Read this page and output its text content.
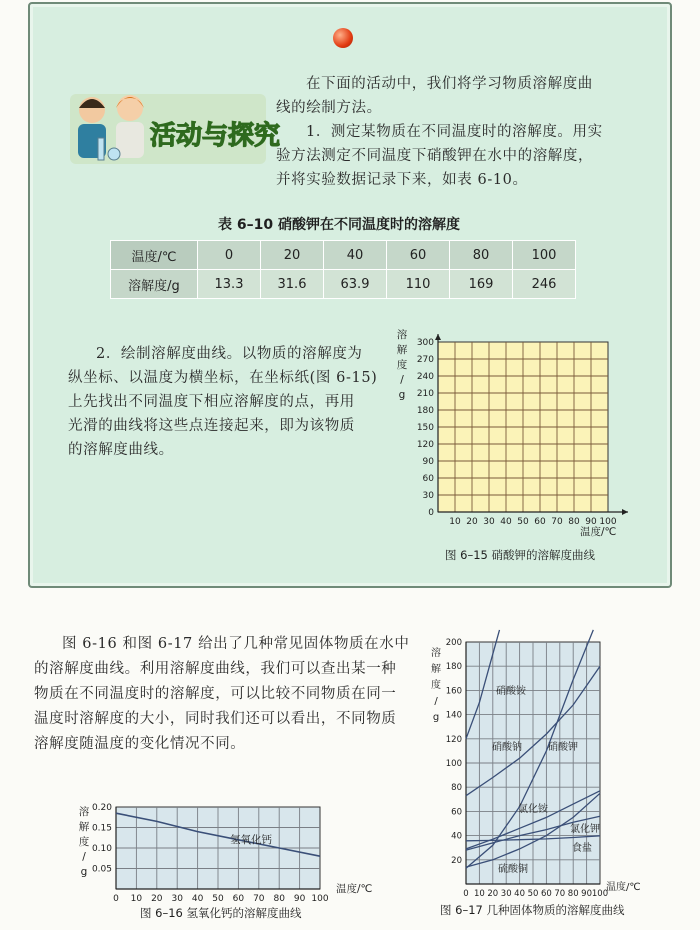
活动与探究
在下面的活动中，我们将学习物质溶解度曲
线的绘制方法。
1．测定某物质在不同温度时的溶解度。用实
验方法测定不同温度下硝酸钾在水中的溶解度，
并将实验数据记录下来，如表 6-10。
表 6–10 硝酸钾在不同温度时的溶解度
温度/℃	0	20	40	60	80	100
溶解度/g	13.3	31.6	63.9	110	169	246
2．绘制溶解度曲线。以物质的溶解度为
纵坐标、以温度为横坐标，在坐标纸(图 6-15)
上先找出不同温度下相应溶解度的点，再用
光滑的曲线将这些点连接起来，即为该物质
的溶解度曲线。
10 20 30 40 50 60 70 80 90 100
0
30
60
90
120
150
180
210
240
270
300
温度/℃
溶
解
度
/
g
图 6–15 硝酸钾的溶解度曲线
图 6-16 和图 6-17 给出了几种常见固体物质在水中
的溶解度曲线。利用溶解度曲线，我们可以查出某一种
物质在不同温度时的溶解度，可以比较不同物质在同一
温度时溶解度的大小，同时我们还可以看出，不同物质
溶解度随温度的变化情况不同。
0 10 20 30 40 50 60 70 80 90 100
0.05
0.10
0.15
0.20
温度/℃
溶
解
度
/
g
氢氧化钙
图 6–16 氢氧化钙的溶解度曲线
0 10 20 30 40 50 60 70 80 90 100
20
40
60
80
100
120
140
160
180
200
温度/℃
溶
解
度
/
g
硝酸铵
硝酸钠	硝酸钾
氯化铵
氯化钾
食盐
硫酸铜
图 6–17 几种固体物质的溶解度曲线
